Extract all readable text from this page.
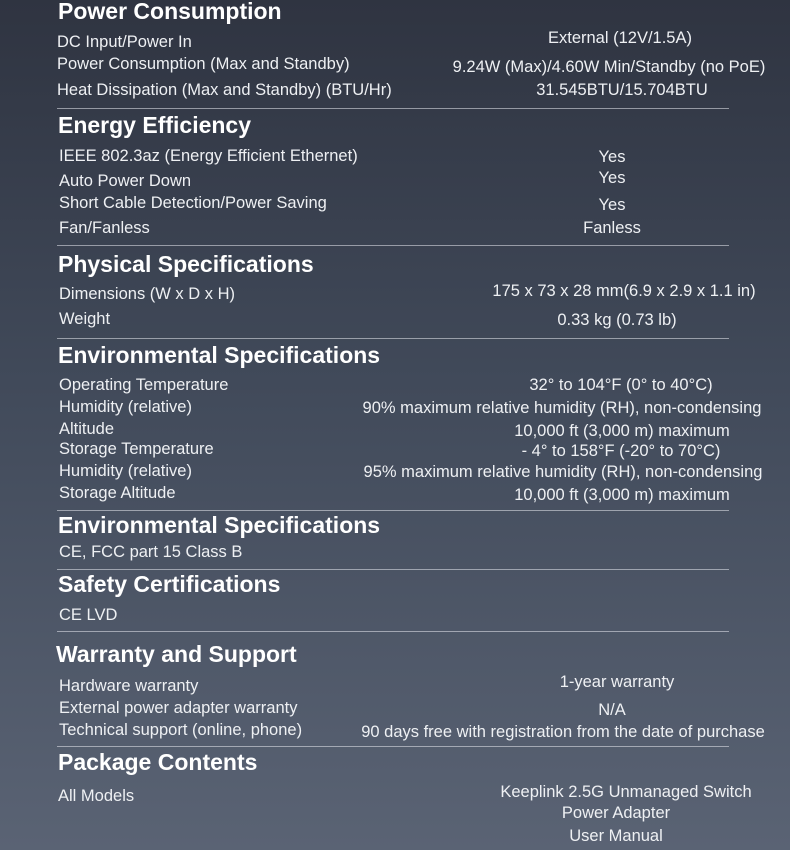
Power Consumption
DC Input/Power In	External (12V/1.5A)
Power Consumption (Max and Standby)	9.24W (Max)/4.60W Min/Standby (no PoE)
Heat Dissipation (Max and Standby) (BTU/Hr)	31.545BTU/15.704BTU
Energy Efficiency
IEEE 802.3az (Energy Efficient Ethernet)	Yes
Auto Power Down	Yes
Short Cable Detection/Power Saving	Yes
Fan/Fanless	Fanless
Physical Specifications
Dimensions (W x D x H)	175 x 73 x 28 mm(6.9 x 2.9 x 1.1 in)
Weight	0.33 kg (0.73 lb)
Environmental Specifications
Operating Temperature	32° to 104°F (0° to 40°C)
Humidity (relative)	90% maximum relative humidity (RH), non-condensing
Altitude	10,000 ft (3,000 m) maximum
Storage Temperature	- 4° to 158°F (-20° to 70°C)
Humidity (relative)	95% maximum relative humidity (RH), non-condensing
Storage Altitude	10,000 ft (3,000 m) maximum
Environmental Specifications
CE, FCC part 15 Class B
Safety Certifications
CE LVD
Warranty and Support
Hardware warranty	1-year warranty
External power adapter warranty	N/A
Technical support (online, phone)	90 days free with registration from the date of purchase
Package Contents
All Models	Keeplink 2.5G Unmanaged Switch
Power Adapter
User Manual
